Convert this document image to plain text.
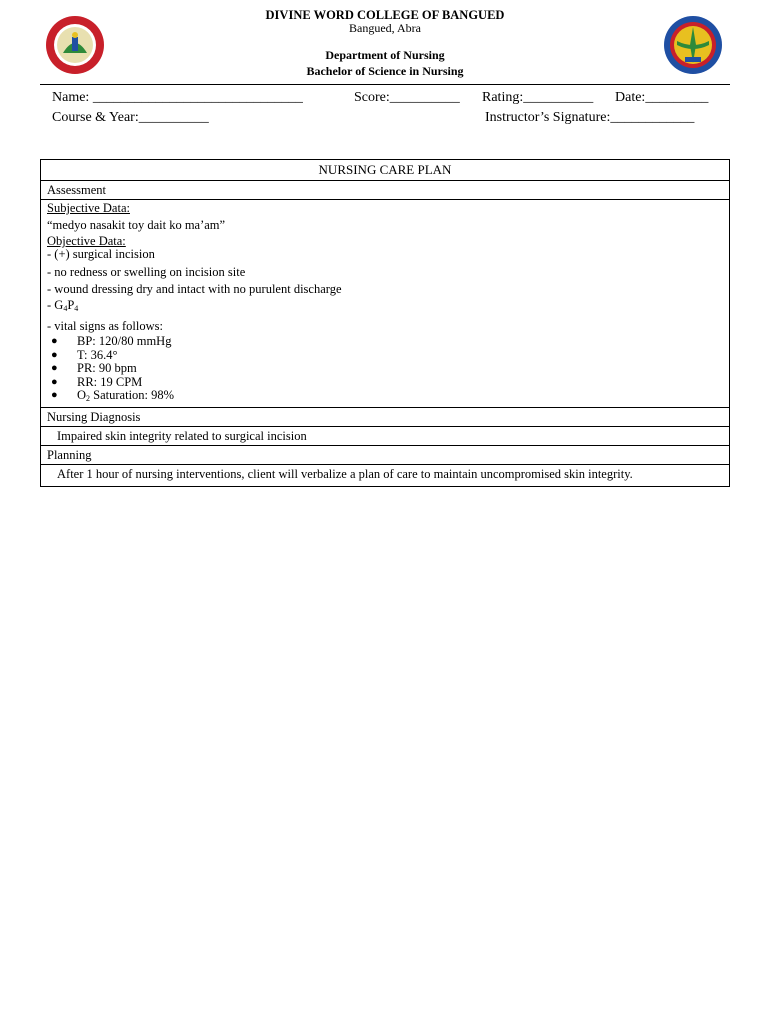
DIVINE WORD COLLEGE OF BANGUED
Bangued, Abra
Department of Nursing
Bachelor of Science in Nursing
Name: ______________________________	Score:__________ Rating:__________ Date:_________
Course & Year:__________	Instructor’s Signature:____________
NURSING CARE PLAN
Assessment
Subjective Data:
“medyo nasakit toy dait ko ma’am”
Objective Data:
- (+) surgical incision
- no redness or swelling on incision site
- wound dressing dry and intact with no purulent discharge
- $G_4P_4$
- vital signs as follows:
● BP: 120/80 mmHg
● T: 36.4°
● PR: 90 bpm
● RR: 19 CPM
● $O_2$ Saturation: 98%
Nursing Diagnosis
Impaired skin integrity related to surgical incision
Planning
After 1 hour of nursing interventions, client will verbalize a plan of care to maintain uncompromised skin integrity.
